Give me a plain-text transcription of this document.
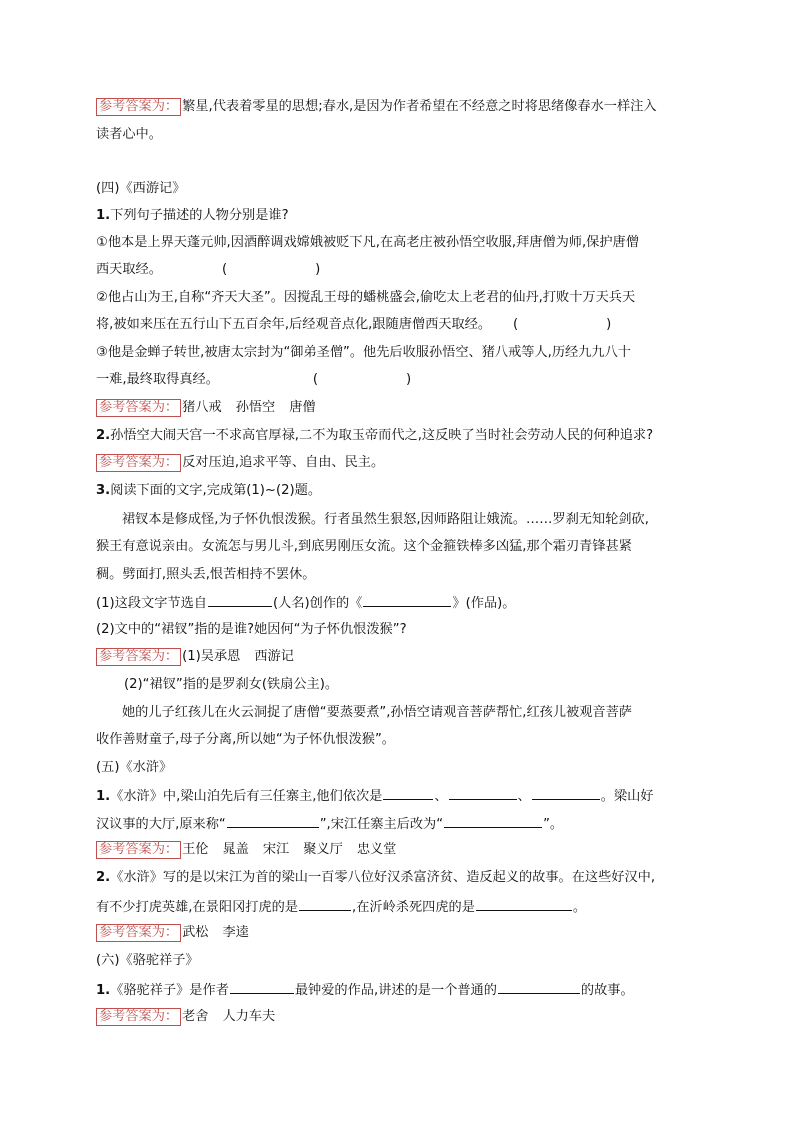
参考答案为： 繁星,代表着零星的思想;春水,是因为作者希望在不经意之时将思绪像春水一样注入
读者心中。
(四)《西游记》
1.下列句子描述的人物分别是谁?
①他本是上界天蓬元帅,因酒醉调戏嫦娥被贬下凡,在高老庄被孙悟空收服,拜唐僧为师,保护唐僧
西天取经。	(	)
②他占山为王,自称“齐天大圣”。因搅乱王母的蟠桃盛会,偷吃太上老君的仙丹,打败十万天兵天
将,被如来压在五行山下五百余年,后经观音点化,跟随唐僧西天取经。 (	)
③他是金蝉子转世,被唐太宗封为“御弟圣僧”。他先后收服孙悟空、猪八戒等人,历经九九八十
一难,最终取得真经。	(	)
参考答案为： 猪八戒 孙悟空 唐僧
2.孙悟空大闹天宫一不求高官厚禄,二不为取玉帝而代之,这反映了当时社会劳动人民的何种追求?
参考答案为： 反对压迫,追求平等、自由、民主。
3.阅读下面的文字,完成第(1)~(2)题。
裙钗本是修成怪,为子怀仇恨泼猴。行者虽然生狠怒,因师路阻让娥流。……罗刹无知轮剑砍,
猴王有意说亲由。女流怎与男儿斗,到底男刚压女流。这个金箍铁棒多凶猛,那个霜刃青锋甚紧
稠。劈面打,照头丢,恨苦相持不罢休。
(1)这段文字节选自	(人名)创作的《	》(作品)。
(2)文中的“裙钗”指的是谁?她因何“为子怀仇恨泼猴”?
参考答案为： (1)吴承恩 西游记
(2)“裙钗”指的是罗刹女(铁扇公主)。
她的儿子红孩儿在火云洞捉了唐僧“要蒸要煮”,孙悟空请观音菩萨帮忙,红孩儿被观音菩萨
收作善财童子,母子分离,所以她“为子怀仇恨泼猴”。
(五)《水浒》
1.《水浒》中,梁山泊先后有三任寨主,他们依次是	、	、	。梁山好
汉议事的大厅,原来称“	”,宋江任寨主后改为“	”。
参考答案为： 王伦 晁盖 宋江 聚义厅 忠义堂
2.《水浒》写的是以宋江为首的梁山一百零八位好汉杀富济贫、造反起义的故事。在这些好汉中,
有不少打虎英雄,在景阳冈打虎的是	,在沂岭杀死四虎的是	。
参考答案为： 武松 李逵
(六)《骆驼祥子》
1.《骆驼祥子》是作者	最钟爱的作品,讲述的是一个普通的	的故事。
参考答案为： 老舍 人力车夫
